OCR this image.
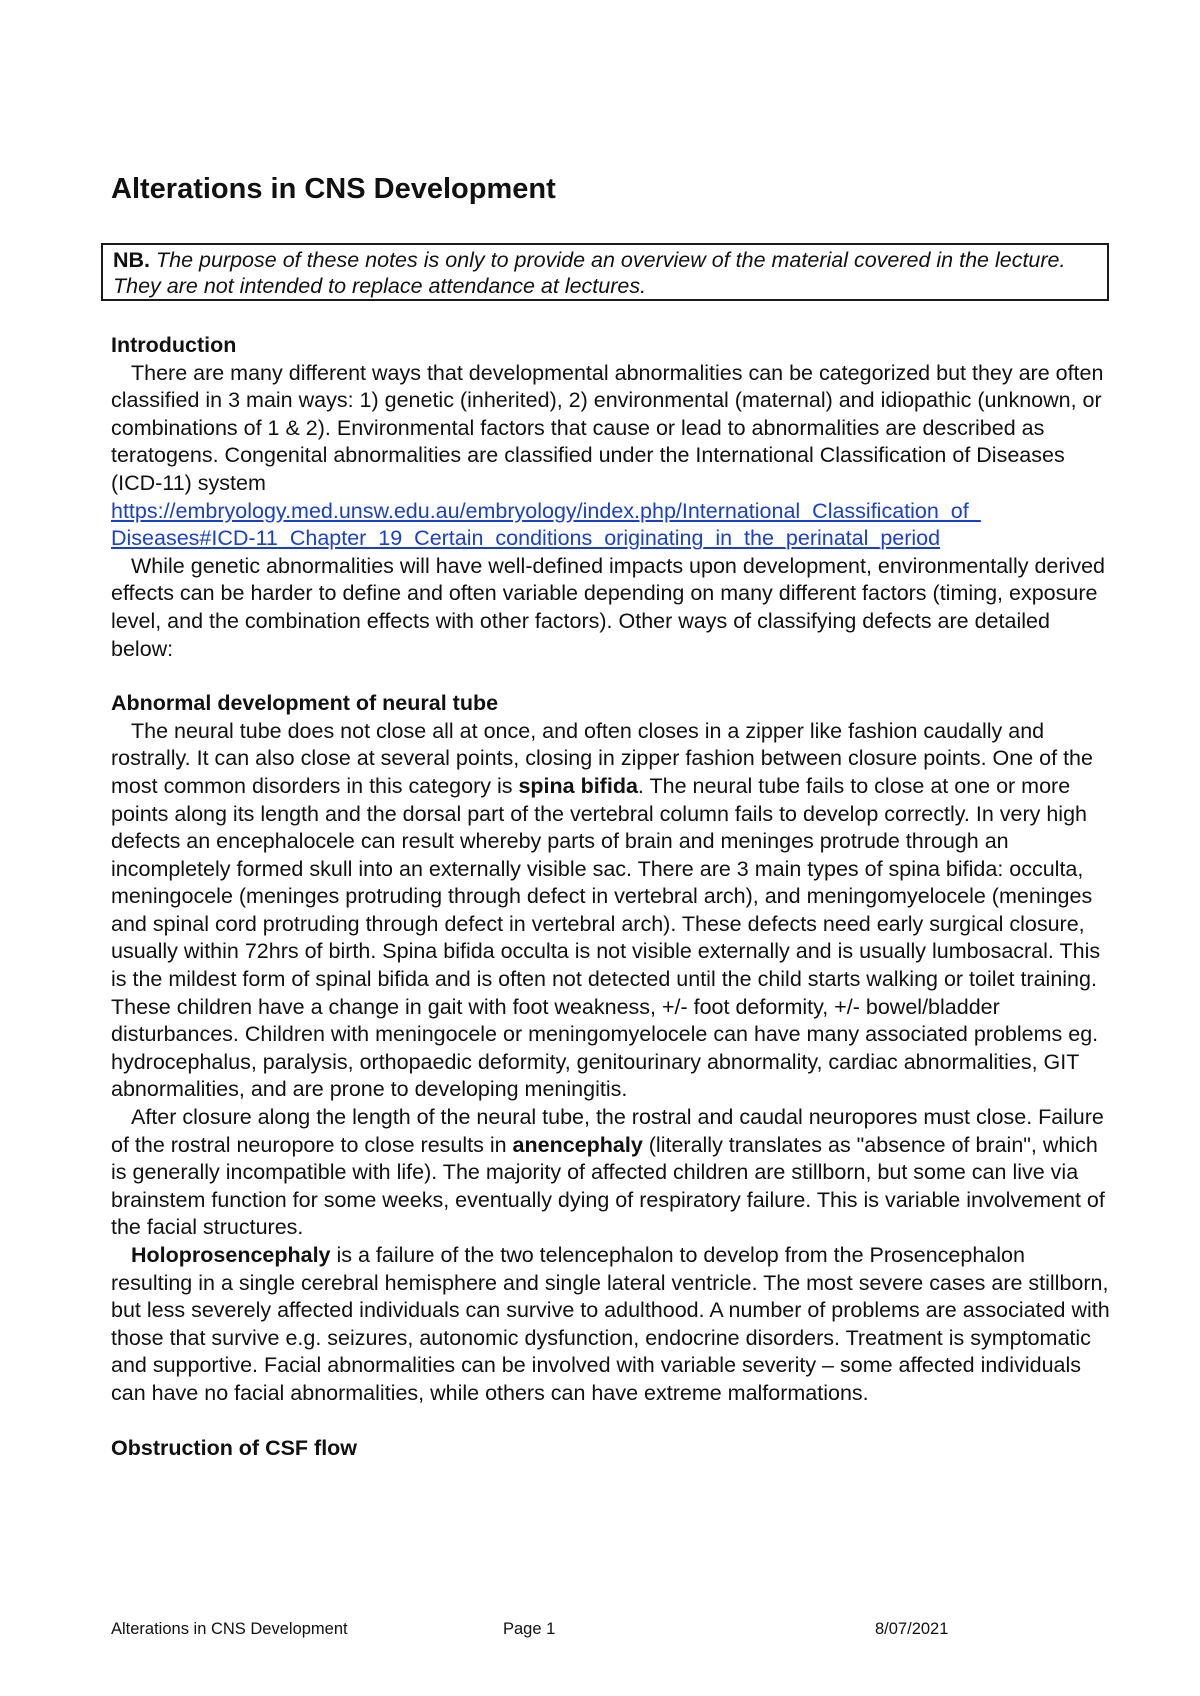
Alterations in CNS Development
NB. The purpose of these notes is only to provide an overview of the material covered in the lecture. They are not intended to replace attendance at lectures.

Introduction

There are many different ways that developmental abnormalities can be categorized but they are often classified in 3 main ways: 1) genetic (inherited), 2) environmental (maternal) and idiopathic (unknown, or combinations of 1 & 2). Environmental factors that cause or lead to abnormalities are described as teratogens. Congenital abnormalities are classified under the International Classification of Diseases (ICD-11) system
https://embryology.med.unsw.edu.au/embryology/index.php/International_Classification_of_
Diseases#ICD-11_Chapter_19_Certain_conditions_originating_in_the_perinatal_period

While genetic abnormalities will have well-defined impacts upon development, environmentally derived effects can be harder to define and often variable depending on many different factors (timing, exposure level, and the combination effects with other factors). Other ways of classifying defects are detailed below:

Abnormal development of neural tube

The neural tube does not close all at once, and often closes in a zipper like fashion caudally and rostrally. It can also close at several points, closing in zipper fashion between closure points. One of the most common disorders in this category is spina bifida. The neural tube fails to close at one or more points along its length and the dorsal part of the vertebral column fails to develop correctly. In very high defects an encephalocele can result whereby parts of brain and meninges protrude through an incompletely formed skull into an externally visible sac. There are 3 main types of spina bifida: occulta, meningocele (meninges protruding through defect in vertebral arch), and meningomyelocele (meninges and spinal cord protruding through defect in vertebral arch). These defects need early surgical closure, usually within 72hrs of birth. Spina bifida occulta is not visible externally and is usually lumbosacral. This is the mildest form of spinal bifida and is often not detected until the child starts walking or toilet training. These children have a change in gait with foot weakness, +/- foot deformity, +/- bowel/bladder disturbances. Children with meningocele or meningomyelocele can have many associated problems eg. hydrocephalus, paralysis, orthopaedic deformity, genitourinary abnormality, cardiac abnormalities, GIT abnormalities, and are prone to developing meningitis.

After closure along the length of the neural tube, the rostral and caudal neuropores must close. Failure of the rostral neuropore to close results in anencephaly (literally translates as "absence of brain", which is generally incompatible with life). The majority of affected children are stillborn, but some can live via brainstem function for some weeks, eventually dying of respiratory failure. This is variable involvement of the facial structures.

Holoprosencephaly is a failure of the two telencephalon to develop from the Prosencephalon resulting in a single cerebral hemisphere and single lateral ventricle. The most severe cases are stillborn, but less severely affected individuals can survive to adulthood. A number of problems are associated with those that survive e.g. seizures, autonomic dysfunction, endocrine disorders. Treatment is symptomatic and supportive. Facial abnormalities can be involved with variable severity – some affected individuals can have no facial abnormalities, while others can have extreme malformations.

Obstruction of CSF flow

Alterations in CNS Development	Page 1	8/07/2021
